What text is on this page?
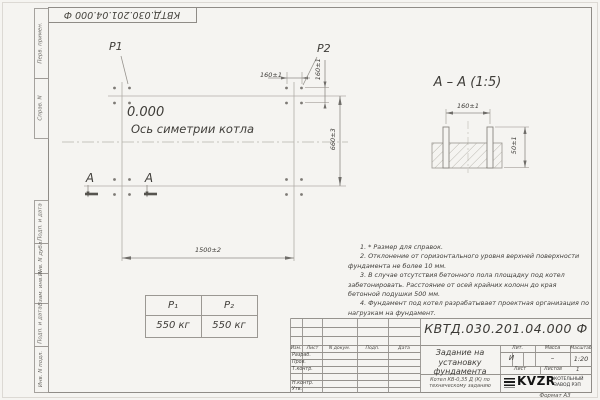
КВТД.030.201.04.000 Ф
Перв. примен.
Справ. N
Подп. и дата
Инв. N дубл.
Взам. инв. N
Подп. и дата
Инв. N подл.
P1	P2
0.000
Ось симетрии котла
1500±2
660±3
160±1	160±1
A	A
A – A (1:5)
160±1
50±1

1. * Размер для справок.

2. Отклонение от горизонтального уровня верхней поверхности фундамента не более 10 мм.

3. В случае отсутствия бетонного пола площадку под котел забетонировать. Расстояние от осей крайних колонн до края бетонной подушки 500 мм.

4. Фундамент под котел разрабатывает проектная организация по нагрузкам на фундамент.

P₁	P₂
550 кг	550 кг	КВТД.030.201.04.000 Ф
Задание на установку фундамента
Котел КВ-0,35 Д (К) по техническому заданию
Изм.	Лист	N докум.	Подп.	Дата
Разраб.
Пров.
Т.контр.
Н.контр.
Утв.
Лит.	Масса	Масштаб
И	–	1:20
Лист	Листов	1
KVZR
КОТЕЛЬНЫЙ
ЗАВОД РЭП
Формат А3
